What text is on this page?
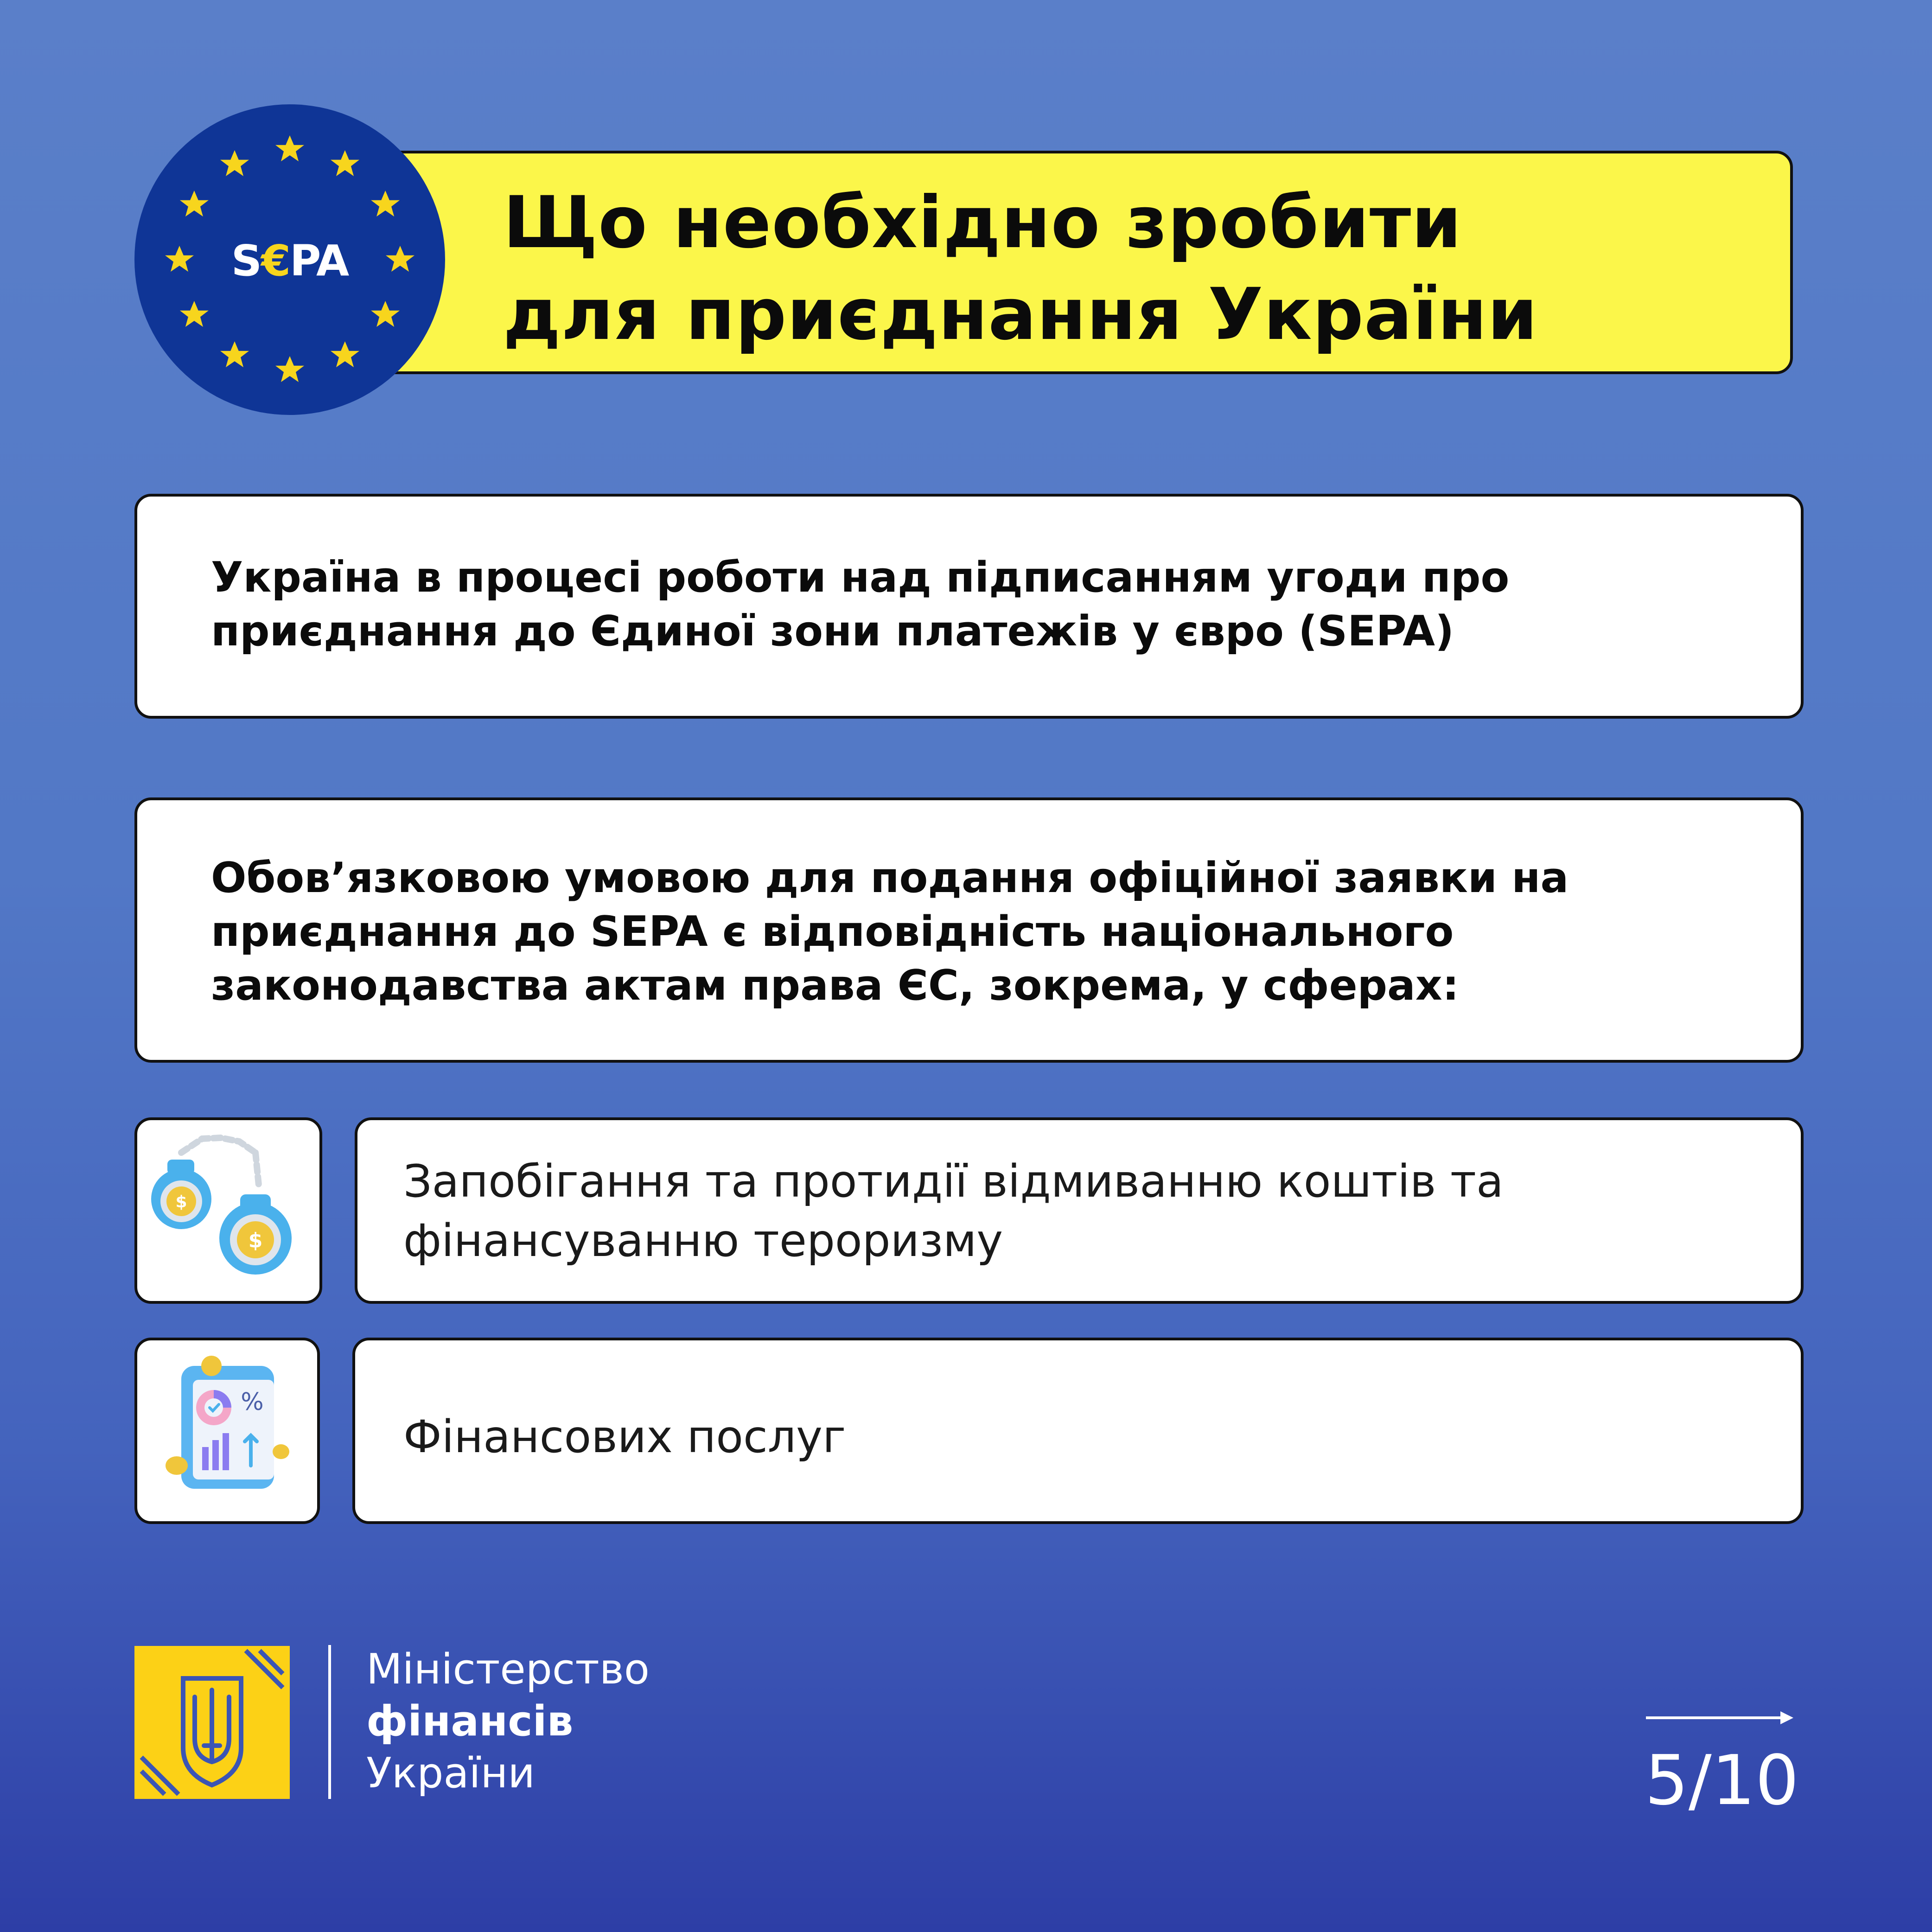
Що необхідно зробити
для приєднання України
S€PA
Україна в процесі роботи над підписанням угоди про
приєднання до Єдиної зони платежів у євро (SEPA)
Обов’язковою умовою для подання офіційної заявки на
приєднання до SEPA є відповідність національного
законодавства актам права ЄС, зокрема, у сферах:
$
$
Запобігання та протидії відмиванню коштів та
фінансуванню тероризму
%
Фінансових послуг
Міністерство
фінансів
України	5/10
